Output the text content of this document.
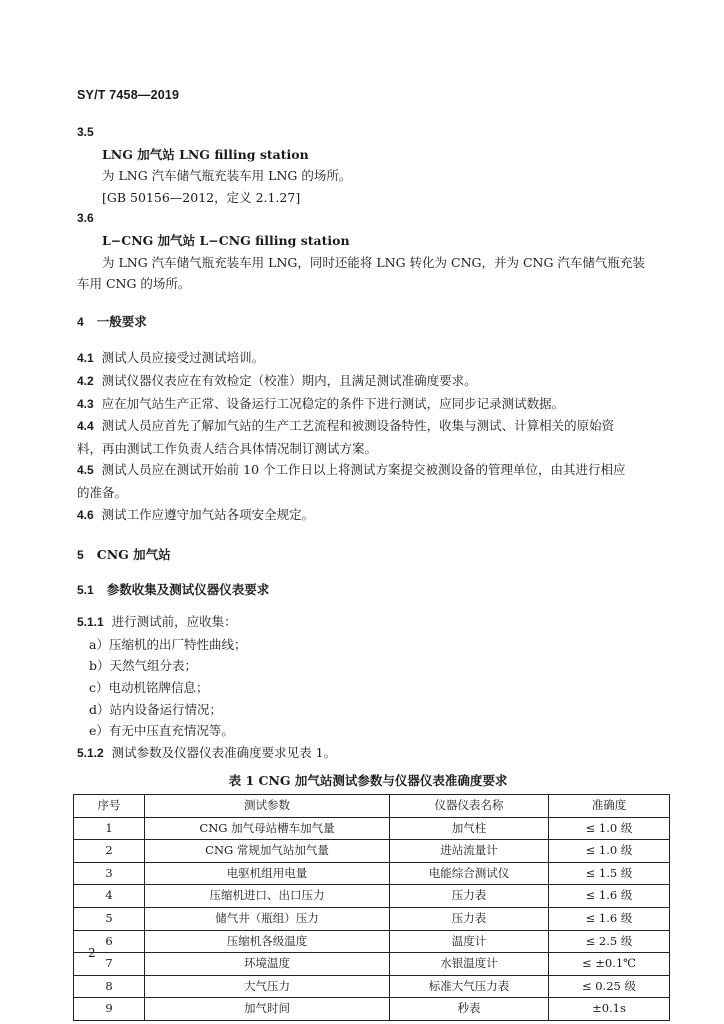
SY/T 7458—2019

3.5

LNG 加气站 LNG filling station

为 LNG 汽车储气瓶充装车用 LNG 的场所。

[GB 50156—2012，定义 2.1.27]

3.6

L−CNG 加气站 L−CNG filling station

为 LNG 汽车储气瓶充装车用 LNG，同时还能将 LNG 转化为 CNG，并为 CNG 汽车储气瓶充装

车用 CNG 的场所。

4 一般要求

4.1 测试人员应接受过测试培训。

4.2 测试仪器仪表应在有效检定（校准）期内，且满足测试准确度要求。

4.3 应在加气站生产正常、设备运行工况稳定的条件下进行测试，应同步记录测试数据。

4.4 测试人员应首先了解加气站的生产工艺流程和被测设备特性，收集与测试、计算相关的原始资

料，再由测试工作负责人结合具体情况制订测试方案。

4.5 测试人员应在测试开始前 10 个工作日以上将测试方案提交被测设备的管理单位，由其进行相应

的准备。

4.6 测试工作应遵守加气站各项安全规定。

5 CNG 加气站

5.1 参数收集及测试仪器仪表要求

5.1.1 进行测试前，应收集：

a）压缩机的出厂特性曲线；

b）天然气组分表；

c）电动机铭牌信息；

d）站内设备运行情况；

e）有无中压直充情况等。

5.1.2 测试参数及仪器仪表准确度要求见表 1。

表 1 CNG 加气站测试参数与仪器仪表准确度要求

序号	测试参数	仪器仪表名称	准确度
1	CNG 加气母站槽车加气量	加气柱	≤ 1.0 级
2	CNG 常规加气站加气量	进站流量计	≤ 1.0 级
3	电驱机组用电量	电能综合测试仪	≤ 1.5 级
4	压缩机进口、出口压力	压力表	≤ 1.6 级
5	储气井（瓶组）压力	压力表	≤ 1.6 级
6	压缩机各级温度	温度计	≤ 2.5 级
7	环境温度	水银温度计	≤ ±0.1℃
8	大气压力	标准大气压力表	≤ 0.25 级
9	加气时间	秒表	±0.1s
2
